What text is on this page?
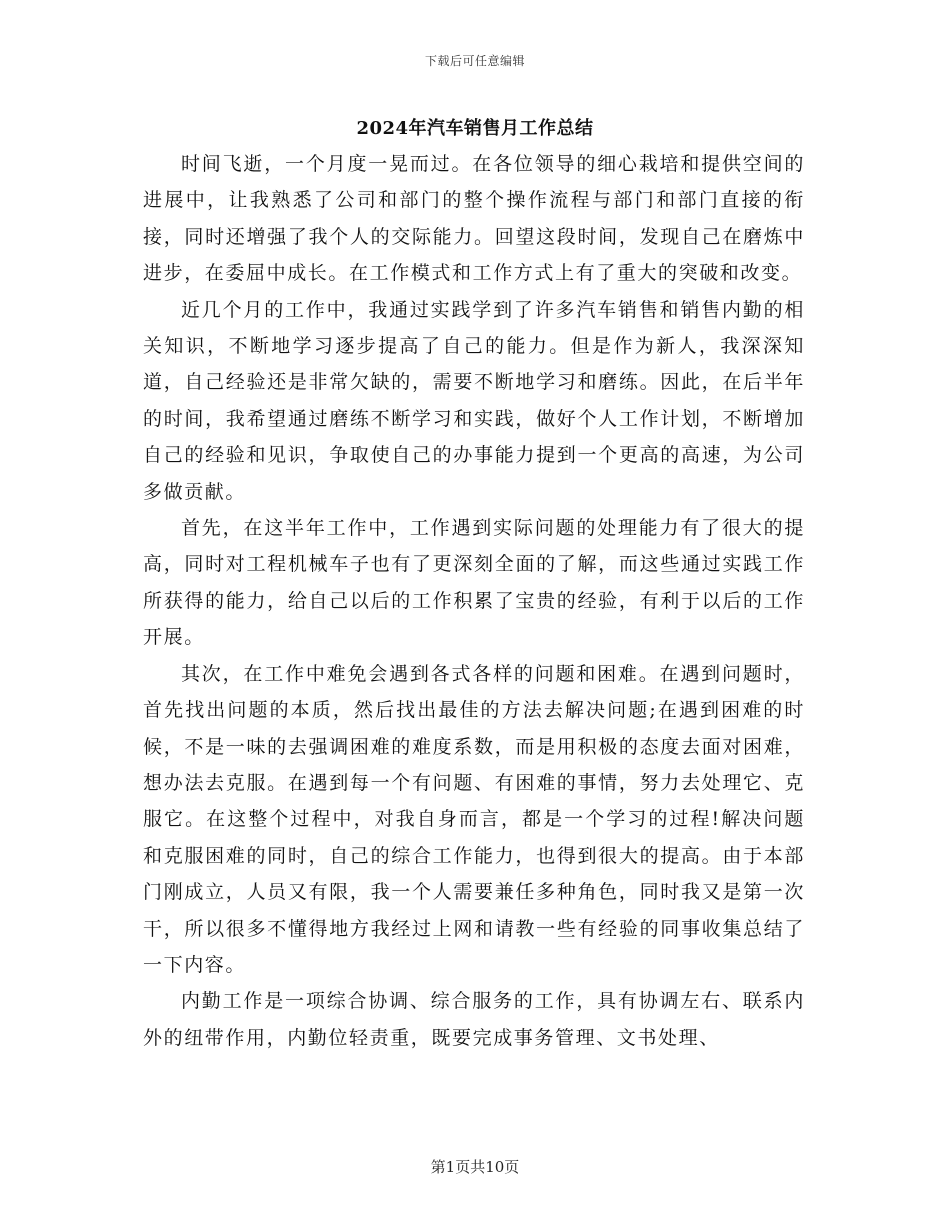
下载后可任意编辑
2024年汽车销售月工作总结

时间飞逝，一个月度一晃而过。在各位领导的细心栽培和提供空间的进展中，让我熟悉了公司和部门的整个操作流程与部门和部门直接的衔接，同时还增强了我个人的交际能力。回望这段时间，发现自己在磨炼中进步，在委屈中成长。在工作模式和工作方式上有了重大的突破和改变。

近几个月的工作中，我通过实践学到了许多汽车销售和销售内勤的相关知识，不断地学习逐步提高了自己的能力。但是作为新人，我深深知道，自己经验还是非常欠缺的，需要不断地学习和磨练。因此，在后半年的时间，我希望通过磨练不断学习和实践，做好个人工作计划，不断增加自己的经验和见识，争取使自己的办事能力提到一个更高的高速，为公司多做贡献。

首先，在这半年工作中，工作遇到实际问题的处理能力有了很大的提高，同时对工程机械车子也有了更深刻全面的了解，而这些通过实践工作所获得的能力，给自己以后的工作积累了宝贵的经验，有利于以后的工作开展。

其次，在工作中难免会遇到各式各样的问题和困难。在遇到问题时，首先找出问题的本质，然后找出最佳的方法去解决问题;在遇到困难的时候，不是一味的去强调困难的难度系数，而是用积极的态度去面对困难，想办法去克服。在遇到每一个有问题、有困难的事情，努力去处理它、克服它。在这整个过程中，对我自身而言，都是一个学习的过程!解决问题和克服困难的同时，自己的综合工作能力，也得到很大的提高。由于本部门刚成立，人员又有限，我一个人需要兼任多种角色，同时我又是第一次干，所以很多不懂得地方我经过上网和请教一些有经验的同事收集总结了一下内容。

内勤工作是一项综合协调、综合服务的工作，具有协调左右、联系内外的纽带作用，内勤位轻责重，既要完成事务管理、文书处理、

第1页共10页
